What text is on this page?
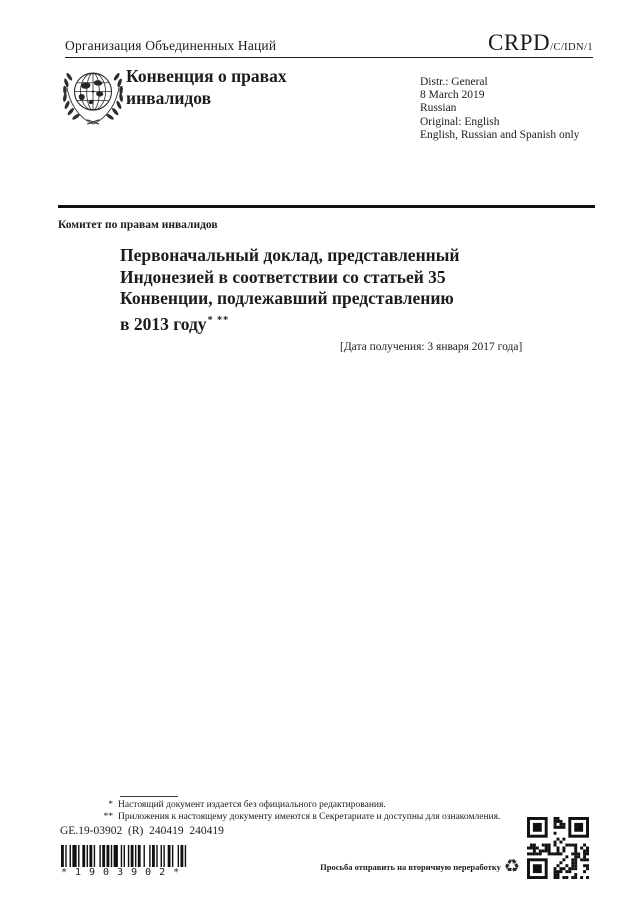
Организация Объединенных Наций	CRPD/C/IDN/1
Конвенция о правах инвалидов
Distr.: General
8 March 2019
Russian
Original: English
English, Russian and Spanish only
Комитет по правам инвалидов
Первоначальный доклад, представленный
Индонезией в соответствии со статьей 35
Конвенции, подлежавший представлению
в 2013 году* **
[Дата получения: 3 января 2017 года]
* Настоящий документ издается без официального редактирования.
** Приложения к настоящему документу имеются в Секретариате и доступны для ознакомления.
GE.19-03902  (R)  240419  240419
*1903902*	Просьба отправить на вторичную переработку ♻
